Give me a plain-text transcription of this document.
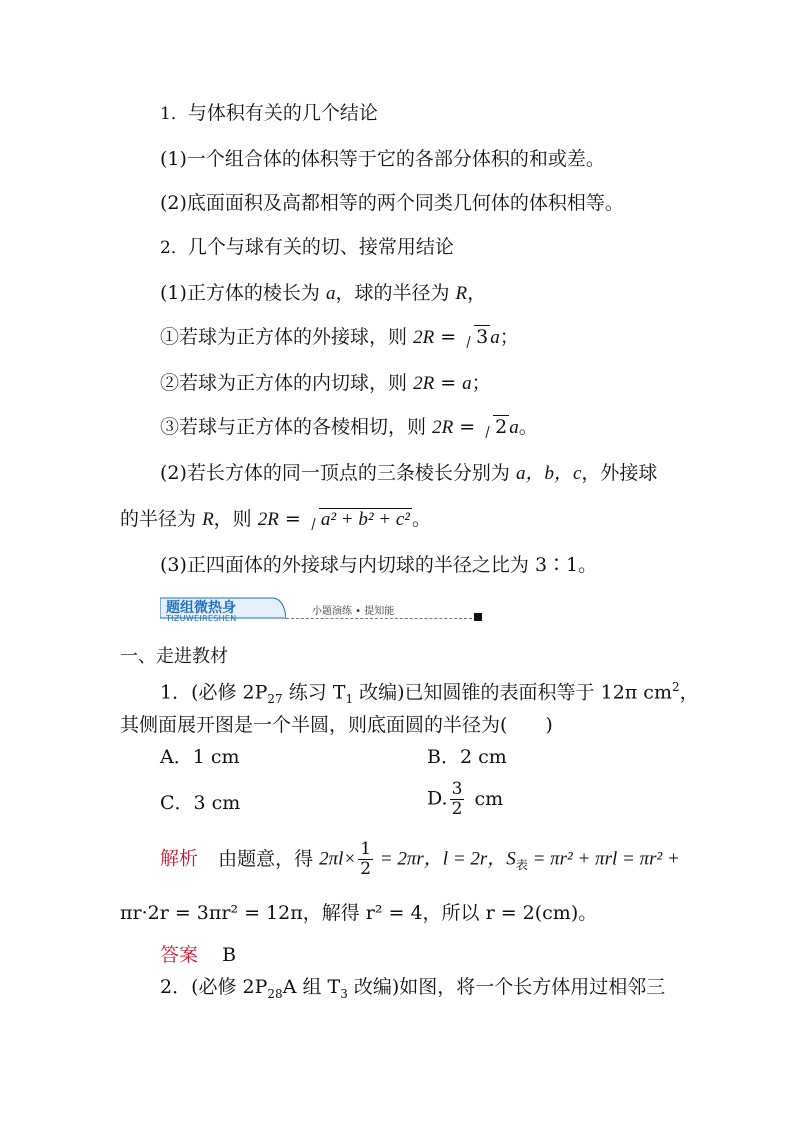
1．与体积有关的几个结论
(1)一个组合体的体积等于它的各部分体积的和或差。
(2)底面面积及高都相等的两个同类几何体的体积相等。
2．几个与球有关的切、接常用结论
(1)正方体的棱长为 a，球的半径为 R，
①若球为正方体的外接球，则 2R = 3 a；
②若球为正方体的内切球，则 2R = a；
③若球与正方体的各棱相切，则 2R = 2 a。
(2)若长方体的同一顶点的三条棱长分别为 a，b，c，外接球
的半径为 R，则 2R = a² + b² + c² 。
(3)正四面体的外接球与内切球的半径之比为 3∶1。
题组微热身
TIZUWEIRESHEN
小题演练 • 提知能
一、走进教材
1．(必修 $2P_{27}$ 练习 $T_1$ 改编)已知圆锥的表面积等于 12π $cm^2$，
其侧面展开图是一个半圆，则底面圆的半径为(　　)
A．1 cm	B．2 cm
C．3 cm	D. $\frac{3}{2}$ cm
解析 由题意，得 $2\pi l\times \frac{1}{2} = 2\pi r$，l = 2r，$S_表 = \pi r^2 + \pi rl = \pi r^2$ +
πr·2r = 3πr² = 12π，解得 r² = 4，所以 r = 2(cm)。
答案 B
2．(必修 $2P_{28}A$ 组 $T_3$ 改编)如图，将一个长方体用过相邻三
